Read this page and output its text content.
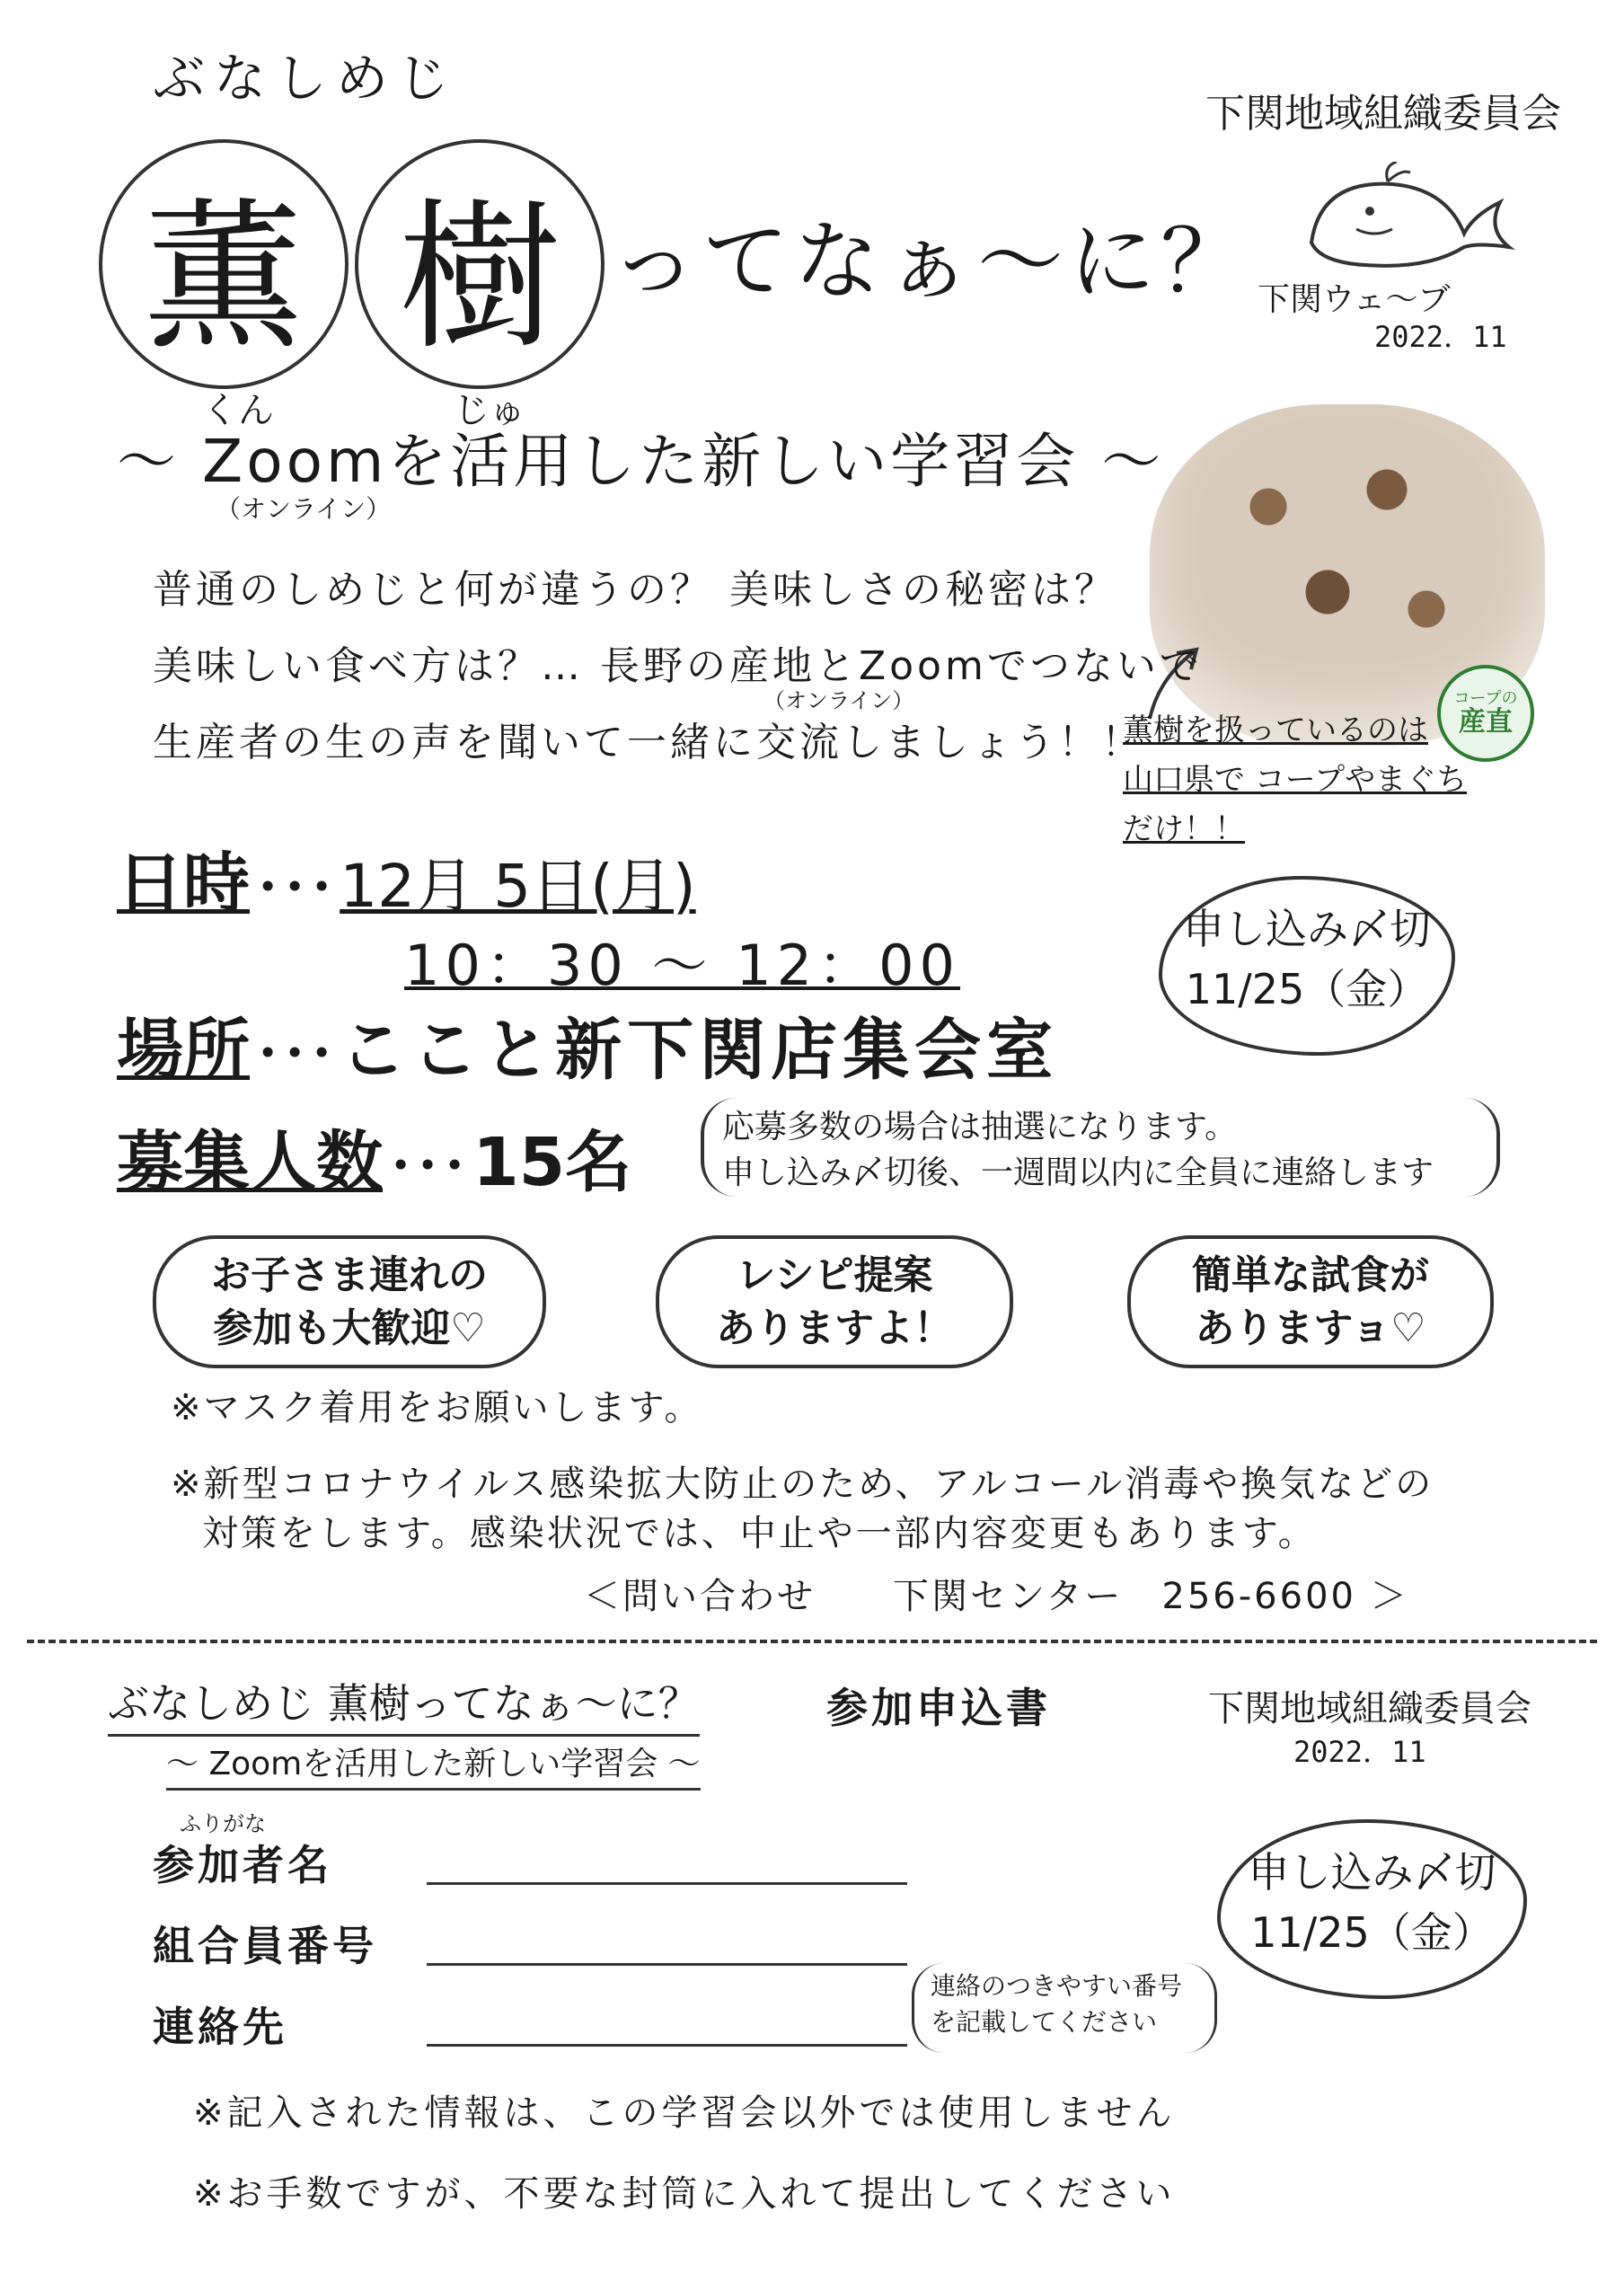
ぶなしめじ
薫
くん
樹
じゅ
ってなぁ～に？
下関地域組織委員会
下関ウェ～ブ
2022．11
～ Zoomを活用した新しい学習会 ～
（オンライン）
コープの
産直
薫樹を扱っているのは
山口県で コープやまぐち
だけ！！
普通のしめじと何が違うの？ 美味しさの秘密は？
美味しい食べ方は？… 長野の産地とZoomでつないで
（オンライン）
生産者の生の声を聞いて一緒に交流しましょう！！
日時 ･･･ 12月 5日(月)
10：30 ～ 12：00
場所 ･･･ ここと新下関店集会室
募集人数 ･･･ 15名	応募多数の場合は抽選になります。
申し込み〆切後、一週間以内に全員に連絡します
申し込み〆切
11/25（金）
お子さま連れの
参加も大歓迎♡
レシピ提案
ありますよ！
簡単な試食が
ありますョ♡
※マスク着用をお願いします。
※新型コロナウイルス感染拡大防止のため、アルコール消毒や換気などの
対策をします。感染状況では、中止や一部内容変更もあります。
＜問い合わせ　　下関センター　256-6600 ＞
ぶなしめじ 薫樹ってなぁ～に？
～ Zoomを活用した新しい学習会 ～
参加申込書	下関地域組織委員会
2022．11
ふりがな
参加者名
組合員番号
連絡先
連絡のつきやすい番号
を記載してください
申し込み〆切
11/25（金）
※記入された情報は、この学習会以外では使用しません
※お手数ですが、不要な封筒に入れて提出してください
